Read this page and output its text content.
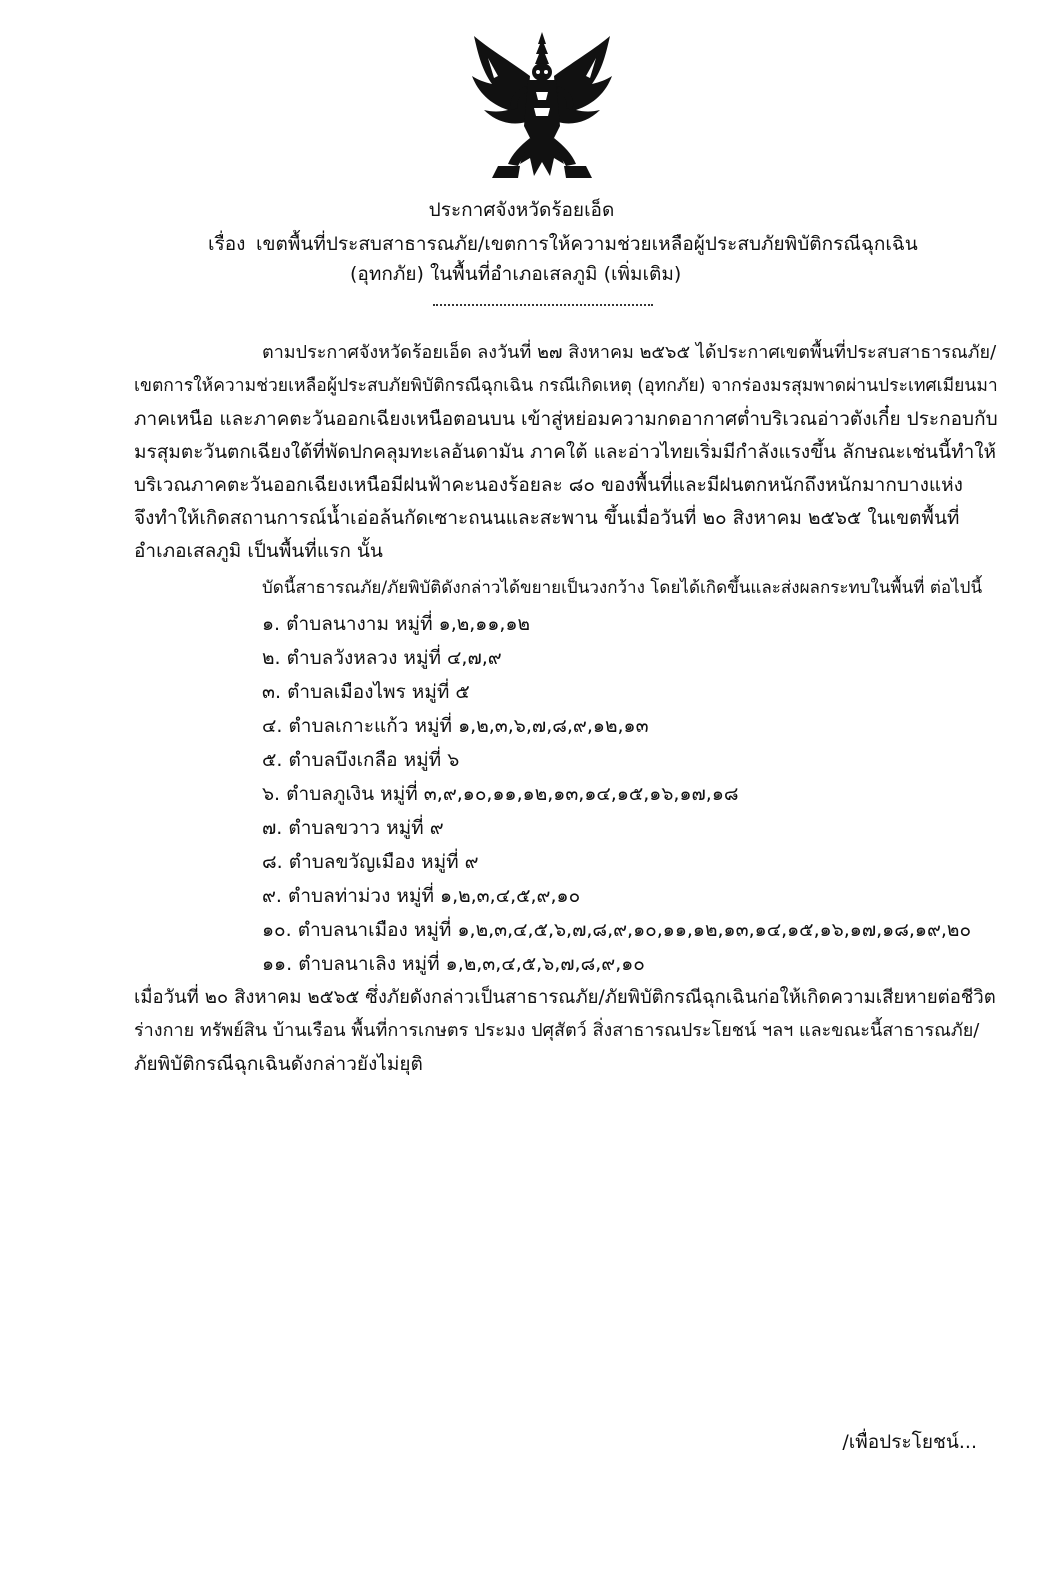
ประกาศจังหวัดร้อยเอ็ด
เรื่อง เขตพื้นที่ประสบสาธารณภัย/เขตการให้ความช่วยเหลือผู้ประสบภัยพิบัติกรณีฉุกเฉิน
(อุทกภัย) ในพื้นที่อำเภอเสลภูมิ (เพิ่มเติม)
ตามประกาศจังหวัดร้อยเอ็ด ลงวันที่ ๒๗ สิงหาคม ๒๕๖๕ ได้ประกาศเขตพื้นที่ประสบสาธารณภัย/
เขตการให้ความช่วยเหลือผู้ประสบภัยพิบัติกรณีฉุกเฉิน กรณีเกิดเหตุ (อุทกภัย) จากร่องมรสุมพาดผ่านประเทศเมียนมา
ภาคเหนือ และภาคตะวันออกเฉียงเหนือตอนบน เข้าสู่หย่อมความกดอากาศต่ำบริเวณอ่าวตังเกี๋ย ประกอบกับ
มรสุมตะวันตกเฉียงใต้ที่พัดปกคลุมทะเลอันดามัน ภาคใต้ และอ่าวไทยเริ่มมีกำลังแรงขึ้น ลักษณะเช่นนี้ทำให้
บริเวณภาคตะวันออกเฉียงเหนือมีฝนฟ้าคะนองร้อยละ ๘๐ ของพื้นที่และมีฝนตกหนักถึงหนักมากบางแห่ง
จึงทำให้เกิดสถานการณ์น้ำเอ่อล้นกัดเซาะถนนและสะพาน ขึ้นเมื่อวันที่ ๒๐ สิงหาคม ๒๕๖๕ ในเขตพื้นที่
อำเภอเสลภูมิ เป็นพื้นที่แรก นั้น
บัดนี้สาธารณภัย/ภัยพิบัติดังกล่าวได้ขยายเป็นวงกว้าง โดยได้เกิดขึ้นและส่งผลกระทบในพื้นที่ ต่อไปนี้
๑. ตำบลนางาม หมู่ที่ ๑,๒,๑๑,๑๒
๒. ตำบลวังหลวง หมู่ที่ ๔,๗,๙
๓. ตำบลเมืองไพร หมู่ที่ ๕
๔. ตำบลเกาะแก้ว หมู่ที่ ๑,๒,๓,๖,๗,๘,๙,๑๒,๑๓
๕. ตำบลบึงเกลือ หมู่ที่ ๖
๖. ตำบลภูเงิน หมู่ที่ ๓,๙,๑๐,๑๑,๑๒,๑๓,๑๔,๑๕,๑๖,๑๗,๑๘
๗. ตำบลขวาว หมู่ที่ ๙
๘. ตำบลขวัญเมือง หมู่ที่ ๙
๙. ตำบลท่าม่วง หมู่ที่ ๑,๒,๓,๔,๕,๙,๑๐
๑๐. ตำบลนาเมือง หมู่ที่ ๑,๒,๓,๔,๕,๖,๗,๘,๙,๑๐,๑๑,๑๒,๑๓,๑๔,๑๕,๑๖,๑๗,๑๘,๑๙,๒๐
๑๑. ตำบลนาเลิง หมู่ที่ ๑,๒,๓,๔,๕,๖,๗,๘,๙,๑๐
เมื่อวันที่ ๒๐ สิงหาคม ๒๕๖๕ ซึ่งภัยดังกล่าวเป็นสาธารณภัย/ภัยพิบัติกรณีฉุกเฉินก่อให้เกิดความเสียหายต่อชีวิต
ร่างกาย ทรัพย์สิน บ้านเรือน พื้นที่การเกษตร ประมง ปศุสัตว์ สิ่งสาธารณประโยชน์ ฯลฯ และขณะนี้สาธารณภัย/
ภัยพิบัติกรณีฉุกเฉินดังกล่าวยังไม่ยุติ
/เพื่อประโยชน์...
